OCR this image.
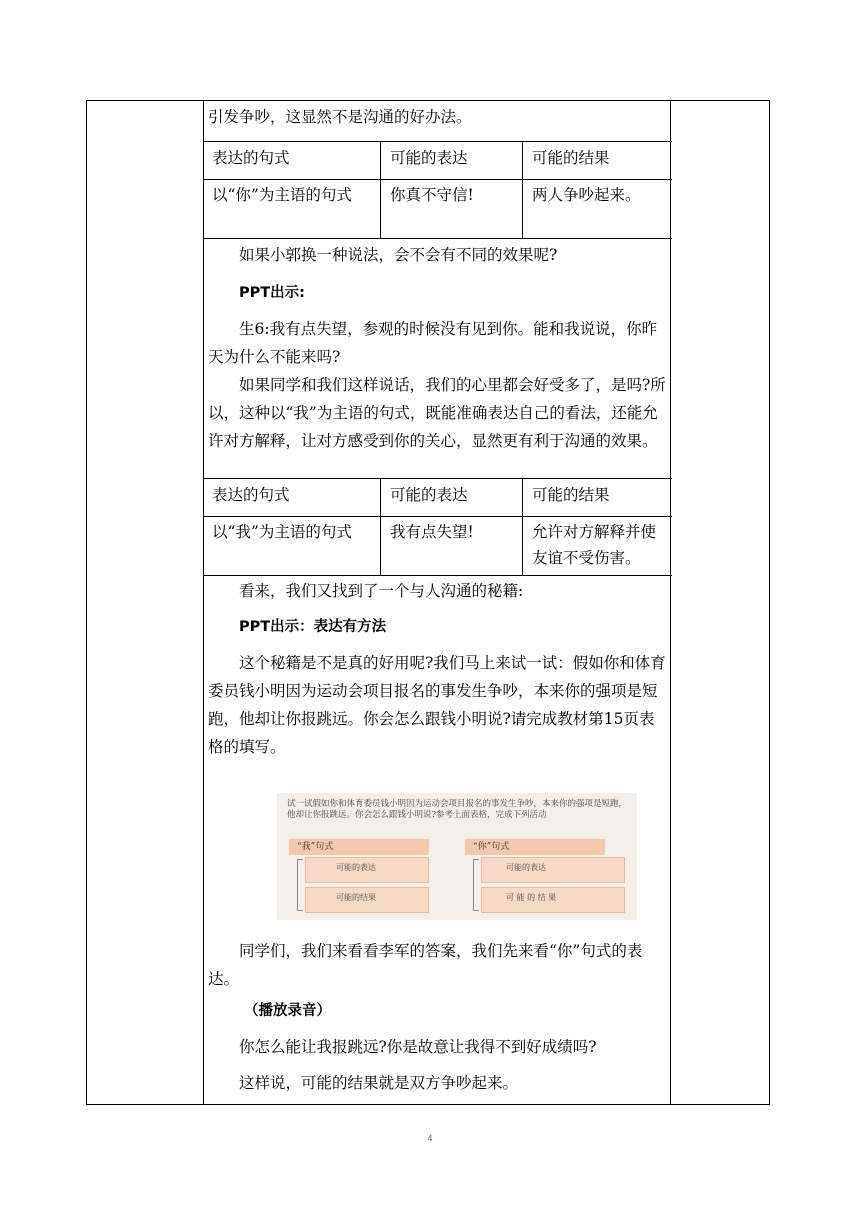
引发争吵，这显然不是沟通的好办法。
表达的句式	可能的表达	可能的结果
以“你”为主语的句式	你真不守信!	两人争吵起来。
如果小郭换一种说法，会不会有不同的效果呢?
PPT出示:
生6:我有点失望，参观的时候没有见到你。能和我说说，你昨天为什么不能来吗?
如果同学和我们这样说话，我们的心里都会好受多了，是吗?所以，这种以“我”为主语的句式，既能准确表达自己的看法，还能允许对方解释，让对方感受到你的关心，显然更有利于沟通的效果。
表达的句式	可能的表达	可能的结果
以“我”为主语的句式	我有点失望!	允许对方解释并使友谊不受伤害。
看来，我们又找到了一个与人沟通的秘籍:
PPT出示：表达有方法
这个秘籍是不是真的好用呢?我们马上来试一试：假如你和体育委员钱小明因为运动会项目报名的事发生争吵，本来你的强项是短跑，他却让你报跳远。你会怎么跟钱小明说?请完成教材第15页表格的填写。
试一试假如你和体育委员钱小明因为运动会项目报名的事发生争吵，本来你的强项是短跑，他却让你报跳远。你会怎么跟钱小明说?参考上面表格，完成下列活动
“我”句式	“你”句式
可能的表达
可能的结果
可能的表达
可 能 的 结 果
同学们，我们来看看李军的答案，我们先来看“你”句式的表达。
（播放录音）
你怎么能让我报跳远?你是故意让我得不到好成绩吗?
这样说，可能的结果就是双方争吵起来。
4
